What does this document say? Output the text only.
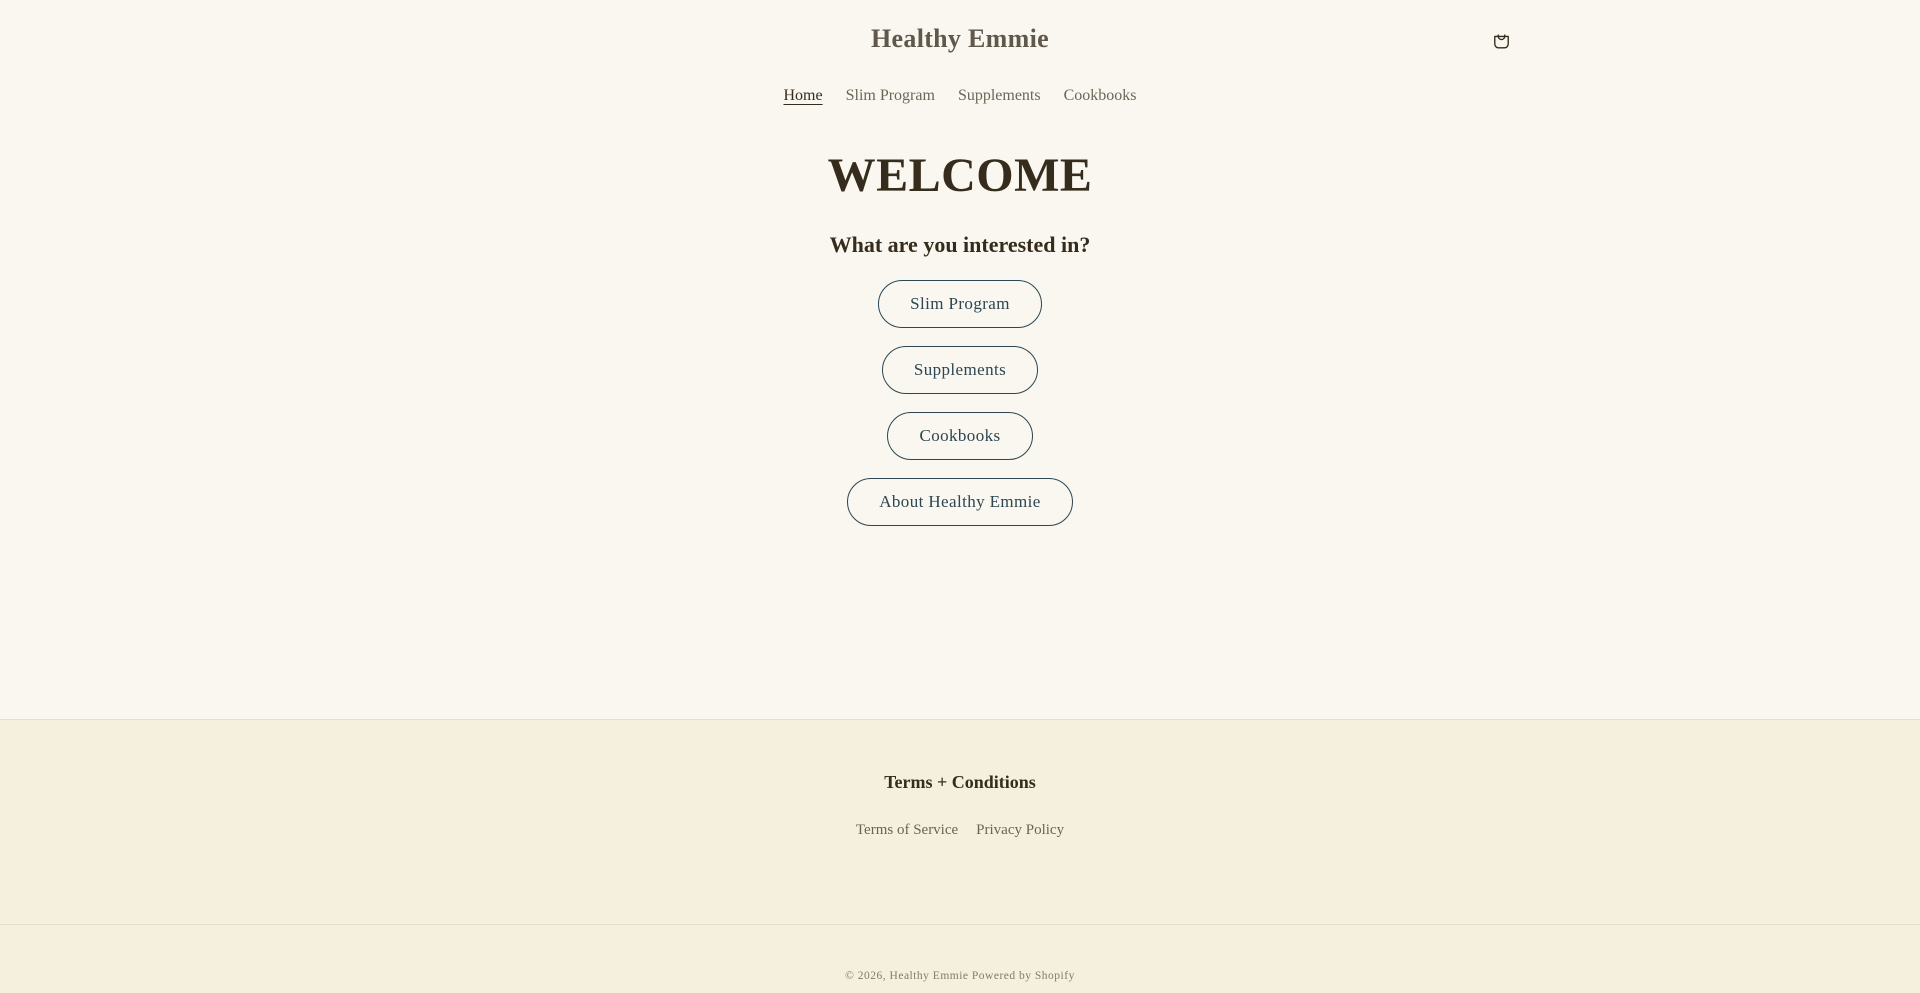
Healthy Emmie
Home Slim Program Supplements Cookbooks
WELCOME

What are you interested in?

Slim Program
Supplements
Cookbooks
About Healthy Emmie
Terms + Conditions
Terms of Service Privacy Policy
© 2026, Healthy Emmie Powered by Shopify
